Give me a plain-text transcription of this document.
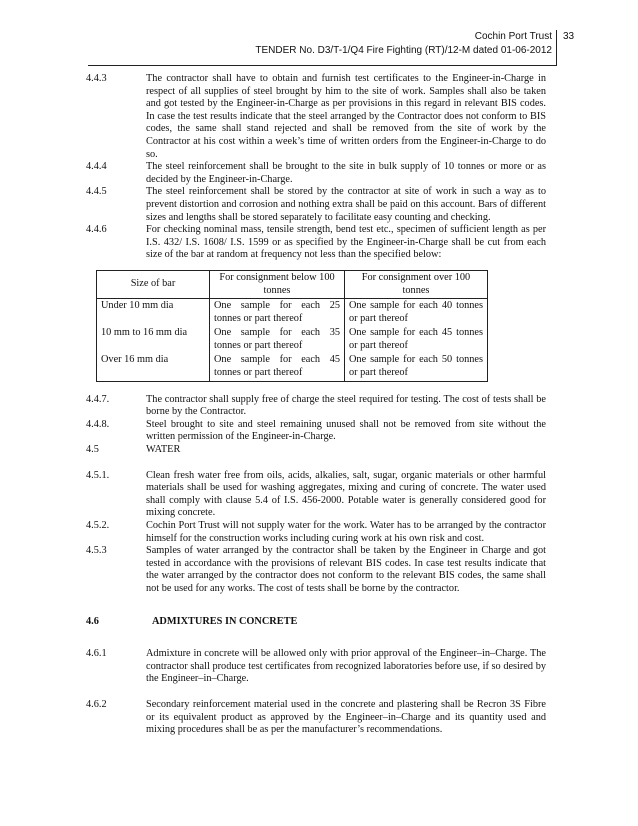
Cochin Port Trust
TENDER No. D3/T-1/Q4 Fire Fighting (RT)/12-M dated 01-06-2012
33
4.4.3	The contractor shall have to obtain and furnish test certificates to the Engineer-in-Charge in respect of all supplies of steel brought by him to the site of work. Samples shall also be taken and got tested by the Engineer-in-Charge as per provisions in this regard in relevant BIS codes. In case the test results indicate that the steel arranged by the Contractor does not conform to BIS codes, the same shall stand rejected and shall be removed from the site of work by the Contractor at his cost within a week’s time of written orders from the Engineer-in-Charge to do so.
4.4.4	The steel reinforcement shall be brought to the site in bulk supply of 10 tonnes or more or as decided by the Engineer-in-Charge.
4.4.5	The steel reinforcement shall be stored by the contractor at site of work in such a way as to prevent distortion and corrosion and nothing extra shall be paid on this account. Bars of different sizes and lengths shall be stored separately to facilitate easy counting and checking.
4.4.6	For checking nominal mass, tensile strength, bend test etc., specimen of sufficient length as per I.S. 432/ I.S. 1608/ I.S. 1599 or as specified by the Engineer-in-Charge shall be cut from each size of the bar at random at frequency not less than the specified below:
Size of bar	For consignment below 100 tonnes	For consignment over 100 tonnes
Under 10 mm dia	One sample for each 25 tonnes or part thereof	One sample for each 40 tonnes or part thereof
10 mm to 16 mm dia	One sample for each 35 tonnes or part thereof	One sample for each 45 tonnes or part thereof
Over 16 mm dia	One sample for each 45 tonnes or part thereof	One sample for each 50 tonnes or part thereof
4.4.7.	The contractor shall supply free of charge the steel required for testing. The cost of tests shall be borne by the Contractor.
4.4.8.	Steel brought to site and steel remaining unused shall not be removed from site without the written permission of the Engineer-in-Charge.
4.5	WATER
4.5.1.	Clean fresh water free from oils, acids, alkalies, salt, sugar, organic materials or other harmful materials shall be used for washing aggregates, mixing and curing of concrete. The water used shall comply with clause 5.4 of I.S. 456-2000. Potable water is generally considered good for mixing concrete.
4.5.2.	Cochin Port Trust will not supply water for the work. Water has to be arranged by the contractor himself for the construction works including curing work at his own risk and cost.
4.5.3	Samples of water arranged by the contractor shall be taken by the Engineer in Charge and got tested in accordance with the provisions of relevant BIS codes. In case test results indicate that the water arranged by the contractor does not conform to the relevant BIS codes, the same shall not be used for any works. The cost of tests shall be borne by the contractor.
4.6	ADMIXTURES IN CONCRETE
4.6.1	Admixture in concrete will be allowed only with prior approval of the Engineer–in–Charge. The contractor shall produce test certificates from recognized laboratories before use, if so desired by the Engineer–in–Charge.
4.6.2	Secondary reinforcement material used in the concrete and plastering shall be Recron 3S Fibre or its equivalent product as approved by the Engineer–in–Charge and its quantity used and mixing procedures shall be as per the manufacturer’s recommendations.
